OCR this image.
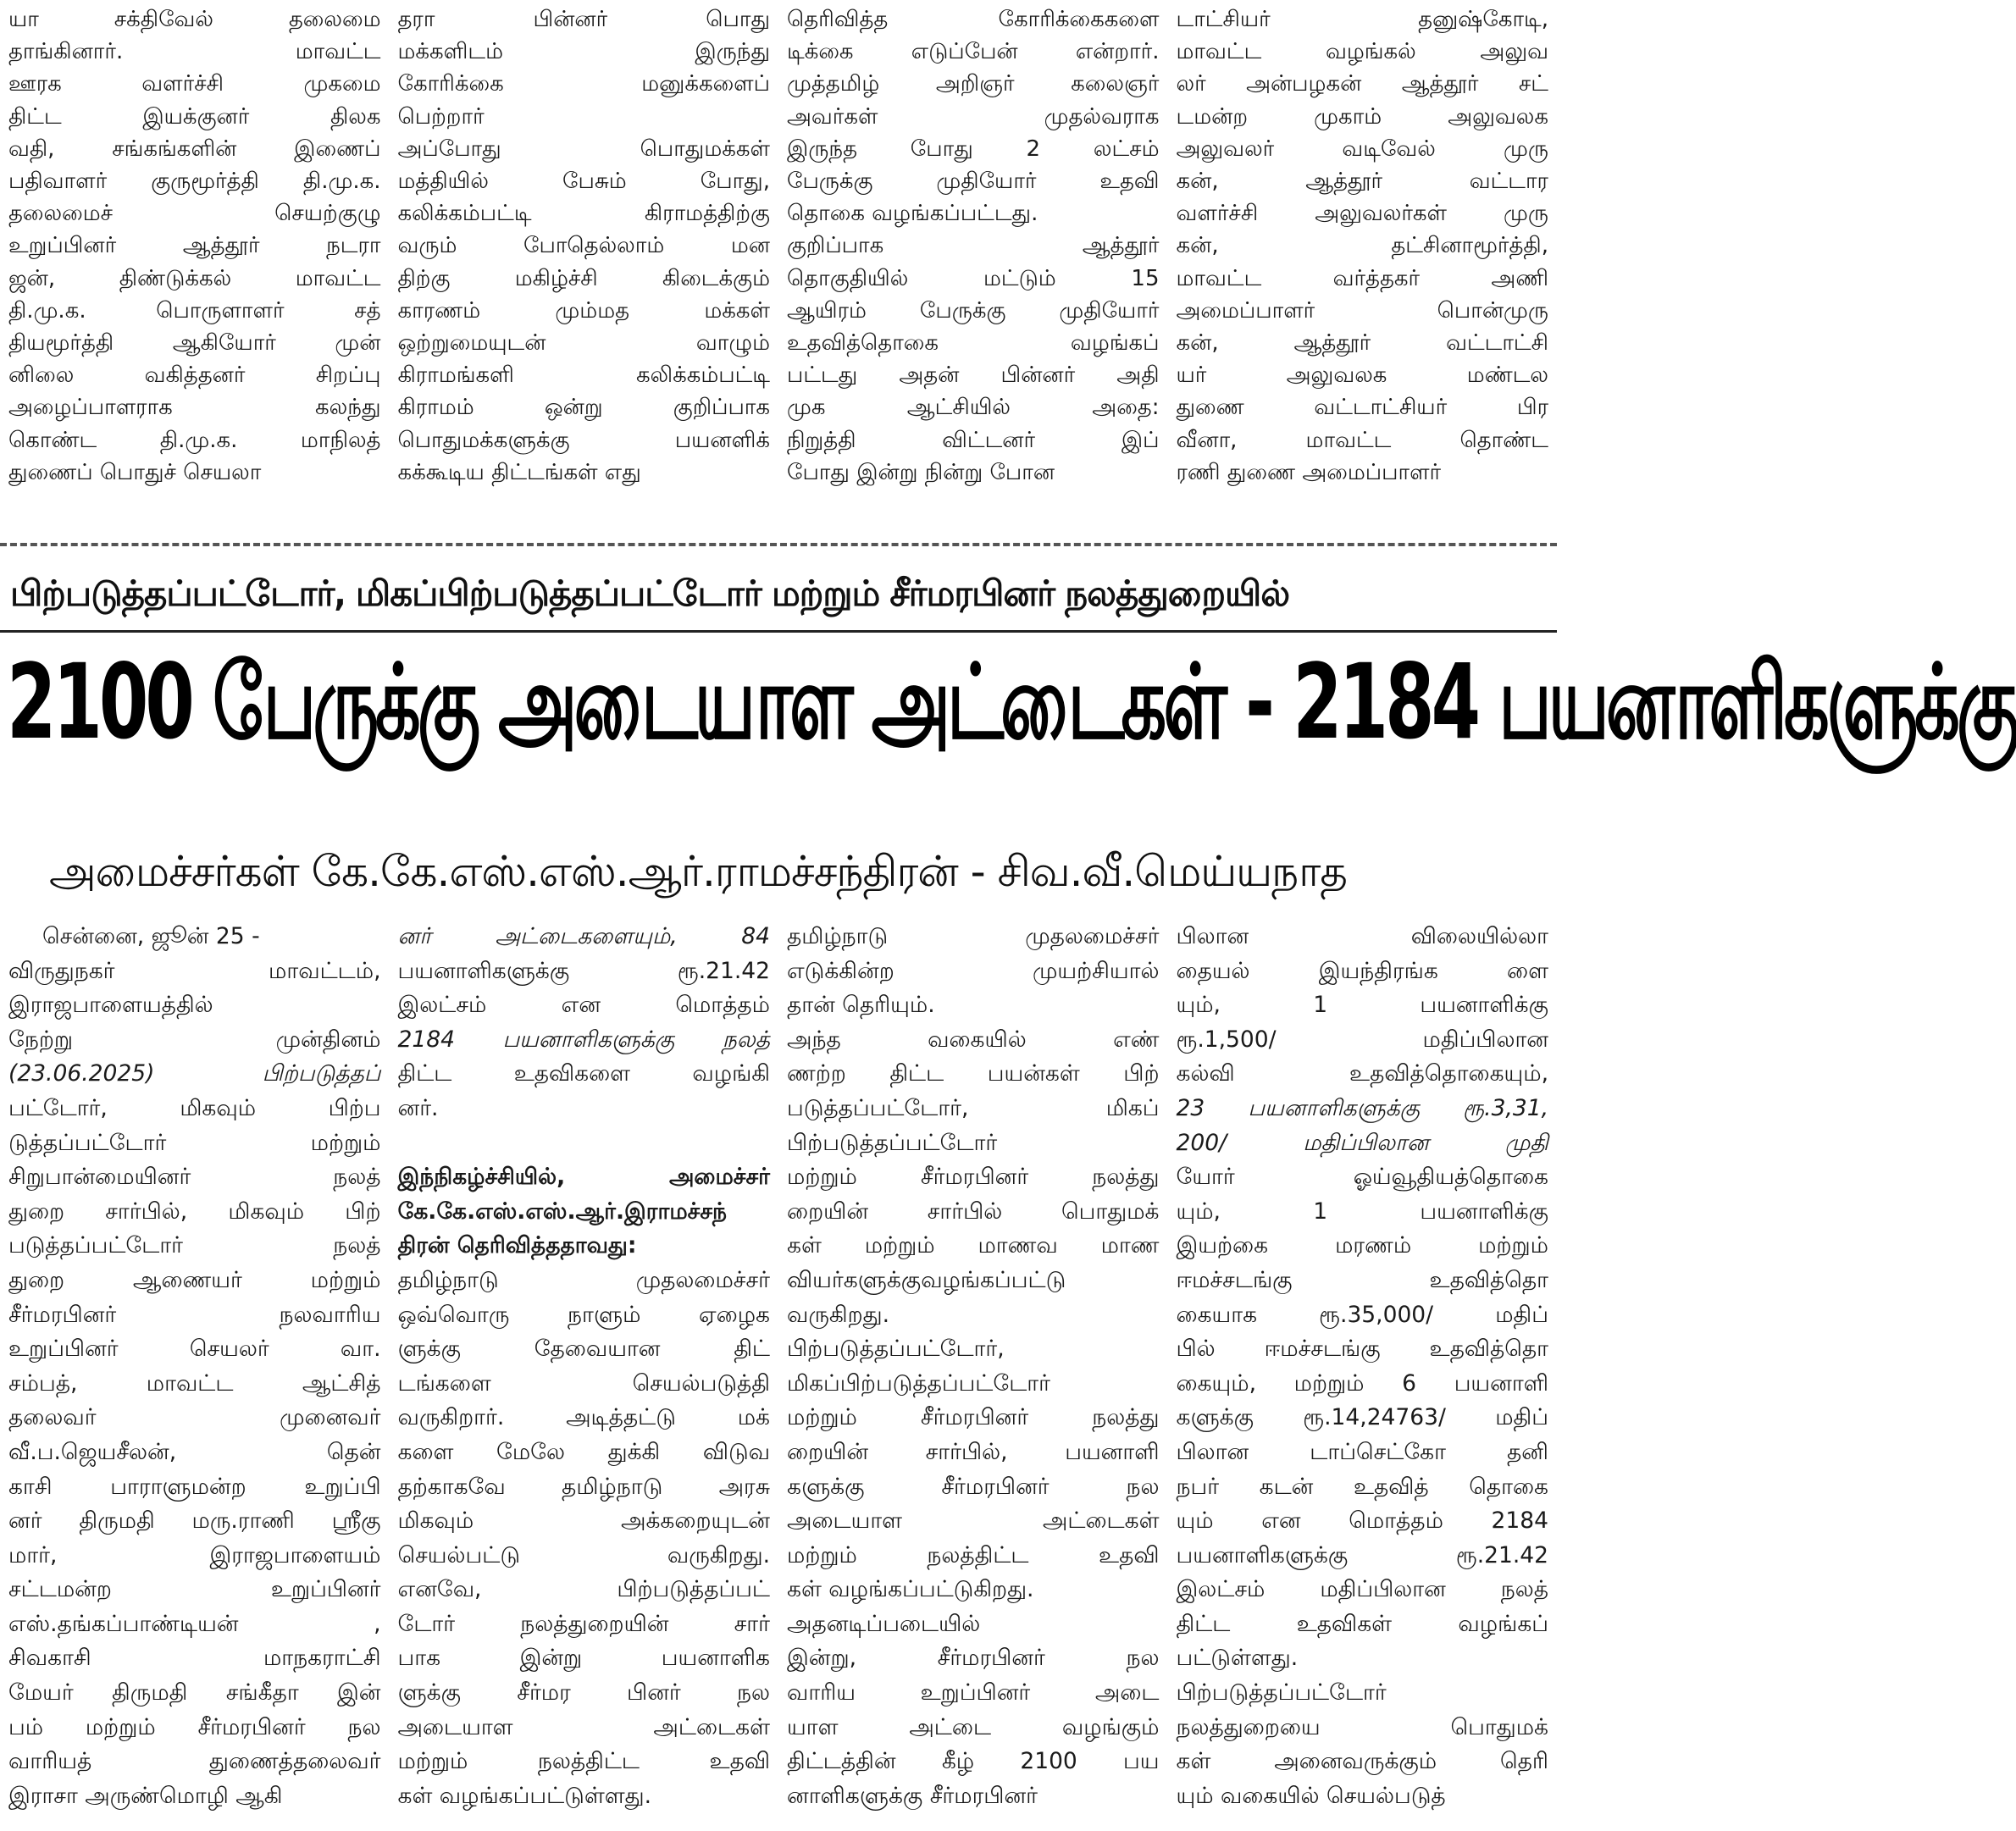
யா சக்திவேல் தலைமை
தாங்கினார். மாவட்ட
ஊரக வளர்ச்சி முகமை
திட்ட இயக்குனர் திலக
வதி, சங்கங்களின் இணைப்
பதிவாளர் குருமூர்த்தி தி.மு.க.
தலைமைச் செயற்குழு
உறுப்பினர் ஆத்தூர் நடரா
ஜன், திண்டுக்கல் மாவட்ட
தி.மு.க. பொருளாளர் சத்
தியமூர்த்தி ஆகியோர் முன்
னிலை வகித்தனர் சிறப்பு
அழைப்பாளராக கலந்து
கொண்ட தி.மு.க. மாநிலத்
துணைப் பொதுச் செயலா
தரா பின்னர் பொது
மக்களிடம் இருந்து
கோரிக்கை மனுக்களைப்
பெற்றார்
அப்போது பொதுமக்கள்
மத்தியில் பேசும் போது,
கலிக்கம்பட்டி கிராமத்திற்கு
வரும் போதெல்லாம் மன
திற்கு மகிழ்ச்சி கிடைக்கும்
காரணம் மும்மத மக்கள்
ஒற்றுமையுடன் வாழும்
கிராமங்களி கலிக்கம்பட்டி
கிராமம் ஒன்று குறிப்பாக
பொதுமக்களுக்கு பயனளிக்
கக்கூடிய திட்டங்கள் எது
தெரிவித்த கோரிக்கைகளை
டிக்கை எடுப்பேன் என்றார்.
முத்தமிழ் அறிஞர் கலைஞர்
அவர்கள் முதல்வராக
இருந்த போது 2 லட்சம்
பேருக்கு முதியோர் உதவி
தொகை வழங்கப்பட்டது.
குறிப்பாக ஆத்தூர்
தொகுதியில் மட்டும் 15
ஆயிரம் பேருக்கு முதியோர்
உதவித்தொகை வழங்கப்
பட்டது அதன் பின்னர் அதி
முக ஆட்சியில் அதை:
நிறுத்தி விட்டனர் இப்
போது இன்று நின்று போன
டாட்சியர் தனுஷ்கோடி,
மாவட்ட வழங்கல் அலுவ
லர் அன்பழகன் ஆத்தூர் சட்
டமன்ற முகாம் அலுவலக
அலுவலர் வடிவேல் முரு
கன், ஆத்தூர் வட்டார
வளர்ச்சி அலுவலர்கள் முரு
கன், தட்சினாமூர்த்தி,
மாவட்ட வர்த்தகர் அணி
அமைப்பாளர் பொன்முரு
கன், ஆத்தூர் வட்டாட்சி
யர் அலுவலக மண்டல
துணை வட்டாட்சியர் பிர
வீனா, மாவட்ட தொண்ட
ரணி துணை அமைப்பாளர்
பிற்படுத்தப்பட்டோர், மிகப்பிற்படுத்தப்பட்டோர் மற்றும் சீர்மரபினர் நலத்துறையில்
2100 பேருக்கு அடையாள அட்டைகள் - 2184 பயனாளிகளுக்கு
அமைச்சர்கள் கே.கே.எஸ்.எஸ்.ஆர்.ராமச்சந்திரன் - சிவ.வீ.மெய்யநாத
சென்னை, ஜூன் 25 -
விருதுநகர் மாவட்டம்,
இராஜபாளையத்தில்
நேற்று முன்தினம்
(23.06.2025) பிற்படுத்தப்
பட்டோர், மிகவும் பிற்ப
டுத்தப்பட்டோர் மற்றும்
சிறுபான்மையினர் நலத்
துறை சார்பில், மிகவும் பிற்
படுத்தப்பட்டோர் நலத்
துறை ஆணையர் மற்றும்
சீர்மரபினர் நலவாரிய
உறுப்பினர் செயலர் வா.
சம்பத், மாவட்ட ஆட்சித்
தலைவர் முனைவர்
வீ.ப.ஜெயசீலன், தென்
காசி பாராளுமன்ற உறுப்பி
னர் திருமதி மரு.ராணி ஸ்ரீகு
மார், இராஜபாளையம்
சட்டமன்ற உறுப்பினர்
எஸ்.தங்கப்பாண்டியன் ,
சிவகாசி மாநகராட்சி
மேயர் திருமதி சங்கீதா இன்
பம் மற்றும் சீர்மரபினர் நல
வாரியத் துணைத்தலைவர்
இராசா அருண்மொழி ஆகி
னர் அட்டைகளையும், 84
பயனாளிகளுக்கு ரூ.21.42
இலட்சம் என மொத்தம்
2184 பயனாளிகளுக்கு நலத்
திட்ட உதவிகளை வழங்கி
னர்.

இந்நிகழ்ச்சியில், அமைச்சர்
கே.கே.எஸ்.எஸ்.ஆர்.இராமச்சந்
திரன் தெரிவித்ததாவது:
தமிழ்நாடு முதலமைச்சர்
ஒவ்வொரு நாளும் ஏழைக
ளுக்கு தேவையான திட்
டங்களை செயல்படுத்தி
வருகிறார். அடித்தட்டு மக்
களை மேலே துக்கி விடுவ
தற்காகவே தமிழ்நாடு அரசு
மிகவும் அக்கறையுடன்
செயல்பட்டு வருகிறது.
எனவே, பிற்படுத்தப்பட்
டோர் நலத்துறையின் சார்
பாக இன்று பயனாளிக
ளுக்கு சீர்மர பினர் நல
அடையாள அட்டைகள்
மற்றும் நலத்திட்ட உதவி
கள் வழங்கப்பட்டுள்ளது.
தமிழ்நாடு முதலமைச்சர்
எடுக்கின்ற முயற்சியால்
தான் தெரியும்.
அந்த வகையில் எண்
ணற்ற திட்ட பயன்கள் பிற்
படுத்தப்பட்டோர், மிகப்
பிற்படுத்தப்பட்டோர்
மற்றும் சீர்மரபினர் நலத்து
றையின் சார்பில் பொதுமக்
கள் மற்றும் மாணவ மாண
வியர்களுக்குவழங்கப்பட்டு
வருகிறது.
பிற்படுத்தப்பட்டோர்,
மிகப்பிற்படுத்தப்பட்டோர்
மற்றும் சீர்மரபினர் நலத்து
றையின் சார்பில், பயனாளி
களுக்கு சீர்மரபினர் நல
அடையாள அட்டைகள்
மற்றும் நலத்திட்ட உதவி
கள் வழங்கப்பட்டுகிறது.
அதனடிப்படையில்
இன்று, சீர்மரபினர் நல
வாரிய உறுப்பினர் அடை
யாள அட்டை வழங்கும்
திட்டத்தின் கீழ் 2100 பய
னாளிகளுக்கு சீர்மரபினர்
பிலான விலையில்லா
தையல் இயந்திரங்க ளை
யும், 1 பயனாளிக்கு
ரூ.1,500/ மதிப்பிலான
கல்வி உதவித்தொகையும்,
23 பயனாளிகளுக்கு ரூ.3,31,
200/ மதிப்பிலான முதி
யோர் ஓய்வூதியத்தொகை
யும், 1 பயனாளிக்கு
இயற்கை மரணம் மற்றும்
ஈமச்சடங்கு உதவித்தொ
கையாக ரூ.35,000/ மதிப்
பில் ஈமச்சடங்கு உதவித்தொ
கையும், மற்றும் 6 பயனாளி
களுக்கு ரூ.14,24763/ மதிப்
பிலான டாப்செட்கோ தனி
நபர் கடன் உதவித் தொகை
யும் என மொத்தம் 2184
பயனாளிகளுக்கு ரூ.21.42
இலட்சம் மதிப்பிலான நலத்
திட்ட உதவிகள் வழங்கப்
பட்டுள்ளது.
பிற்படுத்தப்பட்டோர்
நலத்துறையை பொதுமக்
கள் அனைவருக்கும் தெரி
யும் வகையில் செயல்படுத்
